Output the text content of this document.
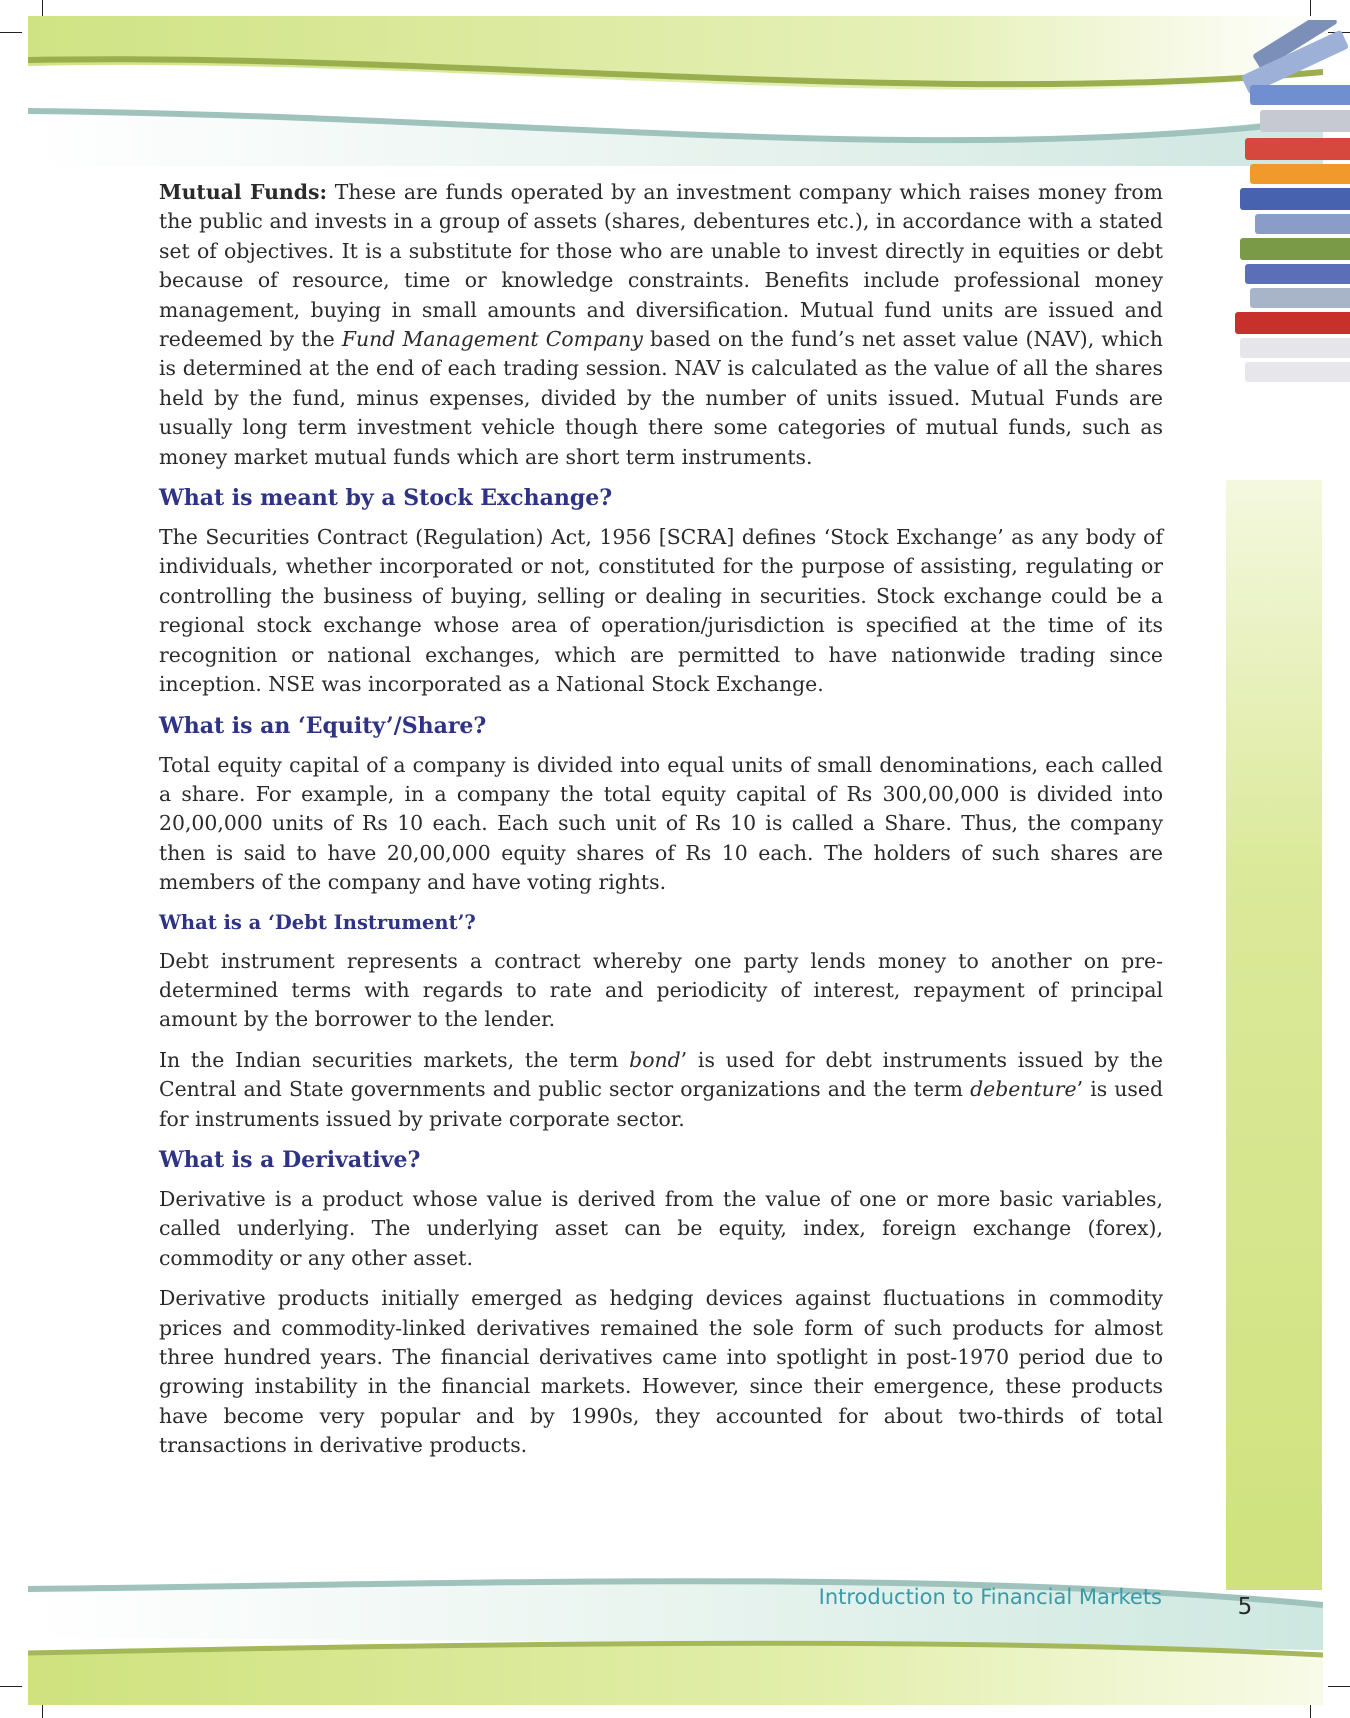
Mutual Funds: These are funds operated by an investment company which raises money from the public and invests in a group of assets (shares, debentures etc.), in accordance with a stated set of objectives. It is a substitute for those who are unable to invest directly in equities or debt because of resource, time or knowledge constraints. Benefits include professional money management, buying in small amounts and diversification. Mutual fund units are issued and redeemed by the Fund Management Company based on the fund’s net asset value (NAV), which is determined at the end of each trading session. NAV is calculated as the value of all the shares held by the fund, minus expenses, divided by the number of units issued. Mutual Funds are usually long term investment vehicle though there some categories of mutual funds, such as money market mutual funds which are short term instruments.

What is meant by a Stock Exchange?

The Securities Contract (Regulation) Act, 1956 [SCRA] defines ‘Stock Exchange’ as any body of individuals, whether incorporated or not, constituted for the purpose of assisting, regulating or controlling the business of buying, selling or dealing in securities. Stock exchange could be a regional stock exchange whose area of operation/jurisdiction is specified at the time of its recognition or national exchanges, which are permitted to have nationwide trading since inception. NSE was incorporated as a National Stock Exchange.

What is an ‘Equity’/Share?

Total equity capital of a company is divided into equal units of small denominations, each called a share. For example, in a company the total equity capital of Rs 300,00,000 is divided into 20,00,000 units of Rs 10 each. Each such unit of Rs 10 is called a Share. Thus, the company then is said to have 20,00,000 equity shares of Rs 10 each. The holders of such shares are members of the company and have voting rights.

What is a ‘Debt Instrument’?

Debt instrument represents a contract whereby one party lends money to another on pre-determined terms with regards to rate and periodicity of interest, repayment of principal amount by the borrower to the lender.

In the Indian securities markets, the term bond’ is used for debt instruments issued by the Central and State governments and public sector organizations and the term debenture’ is used for instruments issued by private corporate sector.

What is a Derivative?

Derivative is a product whose value is derived from the value of one or more basic variables, called underlying. The underlying asset can be equity, index, foreign exchange (forex), commodity or any other asset.

Derivative products initially emerged as hedging devices against fluctuations in commodity prices and commodity-linked derivatives remained the sole form of such products for almost three hundred years. The financial derivatives came into spotlight in post-1970 period due to growing instability in the financial markets. However, since their emergence, these products have become very popular and by 1990s, they accounted for about two-thirds of total transactions in derivative products.

Introduction to Financial Markets	5
